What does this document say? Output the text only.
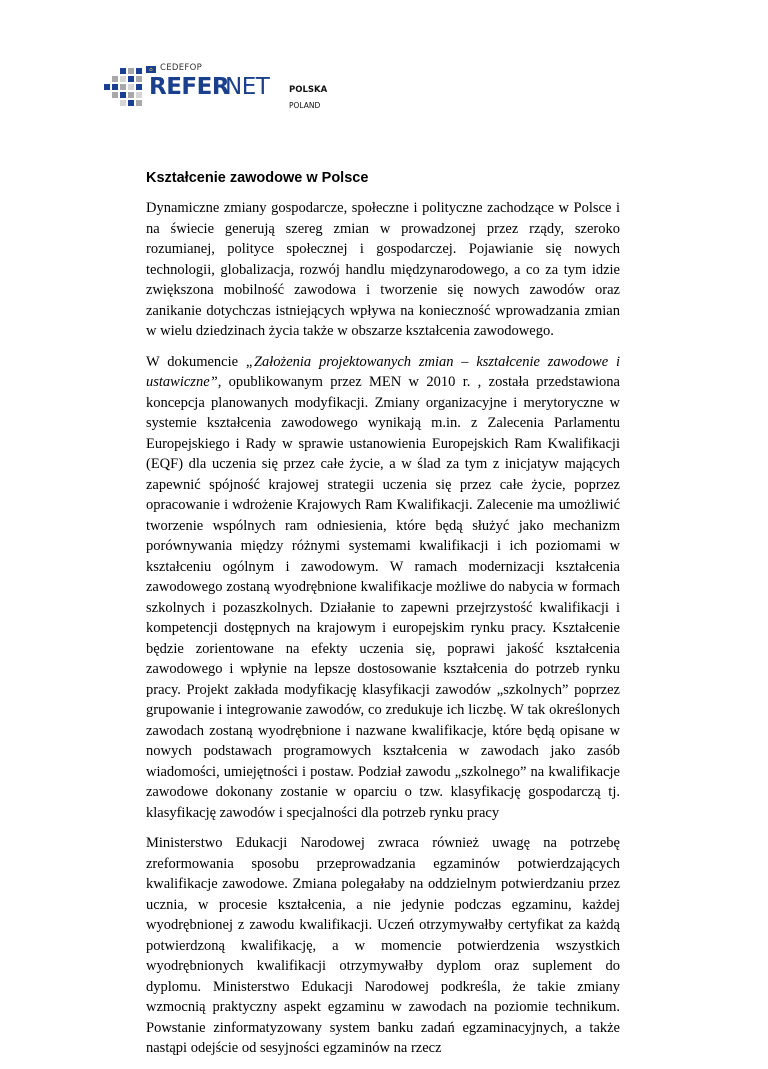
CEDEFOP
REFER
NET POLSKA
POLAND
Kształcenie zawodowe w Polsce

Dynamiczne zmiany gospodarcze, społeczne i polityczne zachodzące w Polsce i na świecie generują szereg zmian w prowadzonej przez rządy, szeroko rozumianej, polityce społecznej i gospodarczej. Pojawianie się nowych technologii, globalizacja, rozwój handlu międzynarodowego, a co za tym idzie zwiększona mobilność zawodowa i tworzenie się nowych zawodów oraz zanikanie dotychczas istniejących wpływa na konieczność wprowadzania zmian w wielu dziedzinach życia także w obszarze kształcenia zawodowego.

W dokumencie „Założenia projektowanych zmian – kształcenie zawodowe i ustawiczne”, opublikowanym przez MEN w 2010 r. , została przedstawiona koncepcja planowanych modyfikacji. Zmiany organizacyjne i merytoryczne w systemie kształcenia zawodowego wynikają m.in. z Zalecenia Parlamentu Europejskiego i Rady w sprawie ustanowienia Europejskich Ram Kwalifikacji (EQF) dla uczenia się przez całe życie, a w ślad za tym z inicjatyw mających zapewnić spójność krajowej strategii uczenia się przez całe życie, poprzez opracowanie i wdrożenie Krajowych Ram Kwalifikacji. Zalecenie ma umożliwić tworzenie wspólnych ram odniesienia, które będą służyć jako mechanizm porównywania między różnymi systemami kwalifikacji i ich poziomami w kształceniu ogólnym i zawodowym. W ramach modernizacji kształcenia zawodowego zostaną wyodrębnione kwalifikacje możliwe do nabycia w formach szkolnych i pozaszkolnych. Działanie to zapewni przejrzystość kwalifikacji i kompetencji dostępnych na krajowym i europejskim rynku pracy. Kształcenie będzie zorientowane na efekty uczenia się, poprawi jakość kształcenia zawodowego i wpłynie na lepsze dostosowanie kształcenia do potrzeb rynku pracy. Projekt zakłada modyfikację klasyfikacji zawodów „szkolnych” poprzez grupowanie i integrowanie zawodów, co zredukuje ich liczbę. W tak określonych zawodach zostaną wyodrębnione i nazwane kwalifikacje, które będą opisane w nowych podstawach programowych kształcenia w zawodach jako zasób wiadomości, umiejętności i postaw. Podział zawodu „szkolnego” na kwalifikacje zawodowe dokonany zostanie w oparciu o tzw. klasyfikację gospodarczą tj. klasyfikację zawodów i specjalności dla potrzeb rynku pracy

Ministerstwo Edukacji Narodowej zwraca również uwagę na potrzebę zreformowania sposobu przeprowadzania egzaminów potwierdzających kwalifikacje zawodowe. Zmiana polegałaby na oddzielnym potwierdzaniu przez ucznia, w procesie kształcenia, a nie jedynie podczas egzaminu, każdej wyodrębnionej z zawodu kwalifikacji. Uczeń otrzymywałby certyfikat za każdą potwierdzoną kwalifikację, a w momencie potwierdzenia wszystkich wyodrębnionych kwalifikacji otrzymywałby dyplom oraz suplement do dyplomu. Ministerstwo Edukacji Narodowej podkreśla, że takie zmiany wzmocnią praktyczny aspekt egzaminu w zawodach na poziomie technikum. Powstanie zinformatyzowany system banku zadań egzaminacyjnych, a także nastąpi odejście od sesyjności egzaminów na rzecz
